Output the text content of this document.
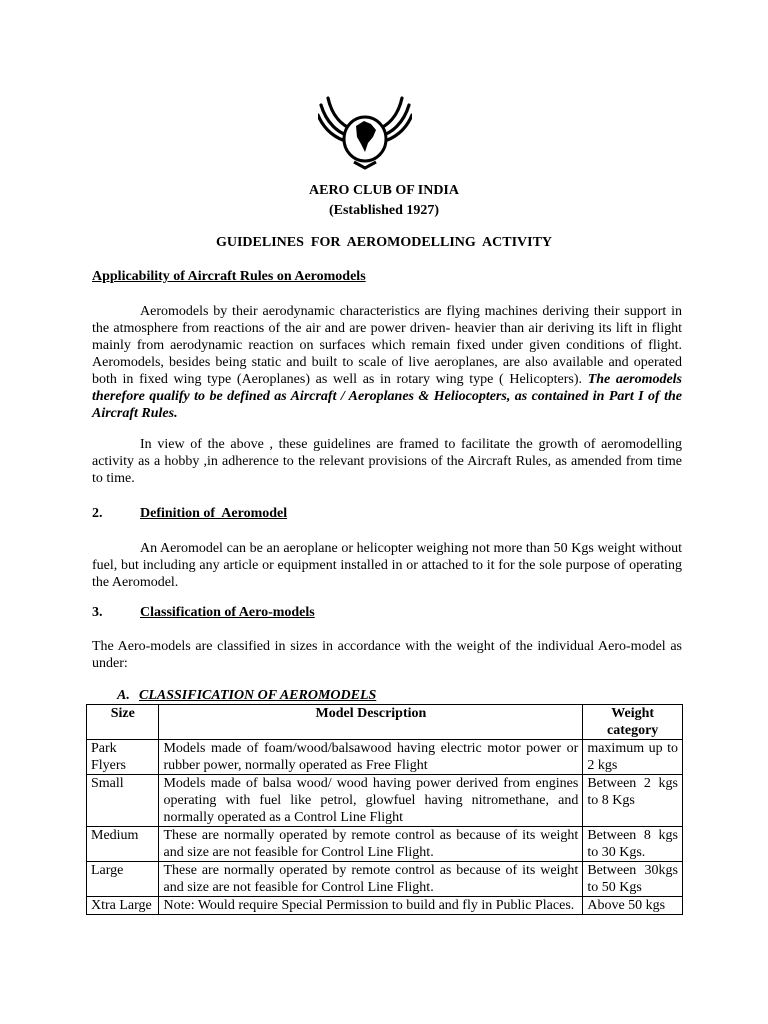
AERO CLUB OF INDIA
(Established 1927)
GUIDELINES  FOR  AEROMODELLING  ACTIVITY
Applicability of Aircraft Rules on Aeromodels
Aeromodels by their aerodynamic characteristics are flying machines deriving their support in the atmosphere from reactions of the air and are power driven- heavier than air deriving its lift in flight mainly from aerodynamic reaction on surfaces which remain fixed under given conditions of flight. Aeromodels, besides being static and built to scale of live aeroplanes, are also available and operated both in fixed wing type (Aeroplanes) as well as in rotary wing type ( Helicopters). The aeromodels therefore qualify to be defined as Aircraft / Aeroplanes & Heliocopters, as contained in Part I of the Aircraft Rules.
In view of the above , these guidelines are framed to facilitate the growth of aeromodelling activity as a hobby ,in adherence to the relevant provisions of the Aircraft Rules, as amended from time to time.
2.	Definition of  Aeromodel
An Aeromodel can be an aeroplane or helicopter weighing not more than 50 Kgs weight without fuel, but including any article or equipment installed in or attached to it for the sole purpose of operating the Aeromodel.
3.	Classification of Aero-models
The Aero-models are classified in sizes in accordance with the weight of the individual Aero-model as under:
A. CLASSIFICATION OF AEROMODELS
Size	Model Description	Weight category
Park Flyers	Models made of foam/wood/balsawood having electric motor power or rubber power, normally operated as Free Flight	maximum up to 2 kgs
Small	Models made of balsa wood/ wood having power derived from engines operating with fuel like petrol, glowfuel having nitromethane, and normally operated as a Control Line Flight	Between 2 kgs to 8 Kgs
Medium	These are normally operated by remote control as because of its weight and size are not feasible for Control Line Flight.	Between 8 kgs to 30 Kgs.
Large	These are normally operated by remote control as because of its weight and size are not feasible for Control Line Flight.	Between 30kgs to 50 Kgs
Xtra Large	Note: Would require Special Permission to build and fly in Public Places.	Above 50 kgs
